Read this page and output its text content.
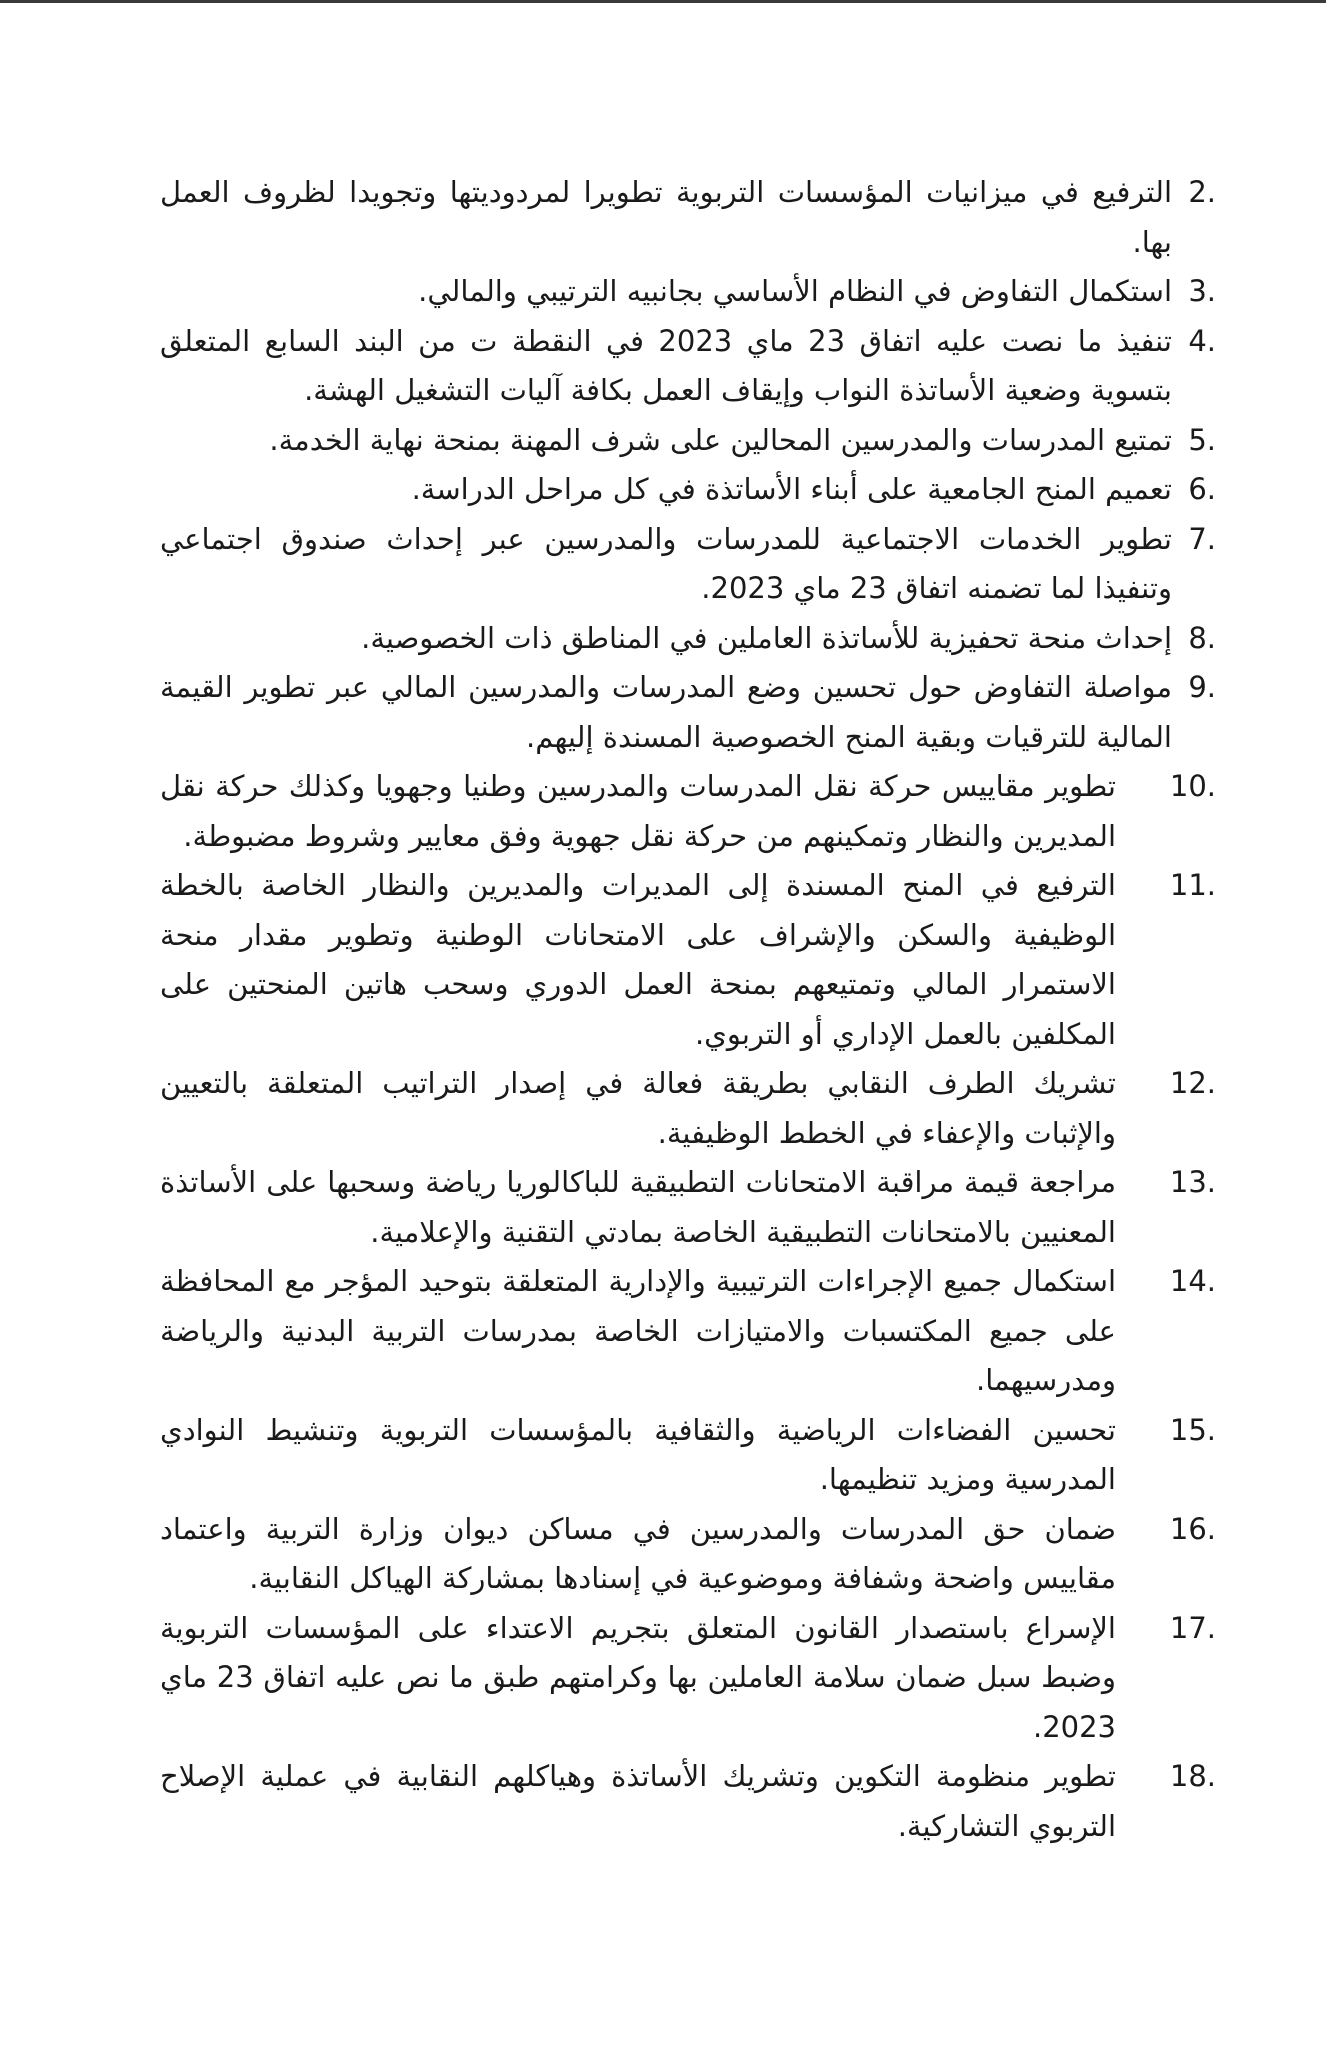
2.
الترفيع في ميزانيات المؤسسات التربوية تطويرا لمردوديتها وتجويدا لظروف العمل بها.
3.
استكمال التفاوض في النظام الأساسي بجانبيه الترتيبي والمالي.
4.
تنفيذ ما نصت عليه اتفاق 23 ماي 2023 في النقطة ت من البند السابع المتعلق بتسوية وضعية الأساتذة النواب وإيقاف العمل بكافة آليات التشغيل الهشة.
5.
تمتيع المدرسات والمدرسين المحالين على شرف المهنة بمنحة نهاية الخدمة.
6.
تعميم المنح الجامعية على أبناء الأساتذة في كل مراحل الدراسة.
7.
تطوير الخدمات الاجتماعية للمدرسات والمدرسين عبر إحداث صندوق اجتماعي وتنفيذا لما تضمنه اتفاق 23 ماي 2023.
8.
إحداث منحة تحفيزية للأساتذة العاملين في المناطق ذات الخصوصية.
9.
مواصلة التفاوض حول تحسين وضع المدرسات والمدرسين المالي عبر تطوير القيمة المالية للترقيات وبقية المنح الخصوصية المسندة إليهم.
10.
تطوير مقاييس حركة نقل المدرسات والمدرسين وطنيا وجهويا وكذلك حركة نقل المديرين والنظار وتمكينهم من حركة نقل جهوية وفق معايير وشروط مضبوطة.
11.
الترفيع في المنح المسندة إلى المديرات والمديرين والنظار الخاصة بالخطة الوظيفية والسكن والإشراف على الامتحانات الوطنية وتطوير مقدار منحة الاستمرار المالي وتمتيعهم بمنحة العمل الدوري وسحب هاتين المنحتين على المكلفين بالعمل الإداري أو التربوي.
12.
تشريك الطرف النقابي بطريقة فعالة في إصدار التراتيب المتعلقة بالتعيين والإثبات والإعفاء في الخطط الوظيفية.
13.
مراجعة قيمة مراقبة الامتحانات التطبيقية للباكالوريا رياضة وسحبها على الأساتذة المعنيين بالامتحانات التطبيقية الخاصة بمادتي التقنية والإعلامية.
14.
استكمال جميع الإجراءات الترتيبية والإدارية المتعلقة بتوحيد المؤجر مع المحافظة على جميع المكتسبات والامتيازات الخاصة بمدرسات التربية البدنية والرياضة ومدرسيهما.
15.
تحسين الفضاءات الرياضية والثقافية بالمؤسسات التربوية وتنشيط النوادي المدرسية ومزيد تنظيمها.
16.
ضمان حق المدرسات والمدرسين في مساكن ديوان وزارة التربية واعتماد مقاييس واضحة وشفافة وموضوعية في إسنادها بمشاركة الهياكل النقابية.
17.
الإسراع باستصدار القانون المتعلق بتجريم الاعتداء على المؤسسات التربوية وضبط سبل ضمان سلامة العاملين بها وكرامتهم طبق ما نص عليه اتفاق 23 ماي 2023.
18.
تطوير منظومة التكوين وتشريك الأساتذة وهياكلهم النقابية في عملية الإصلاح التربوي التشاركية.
